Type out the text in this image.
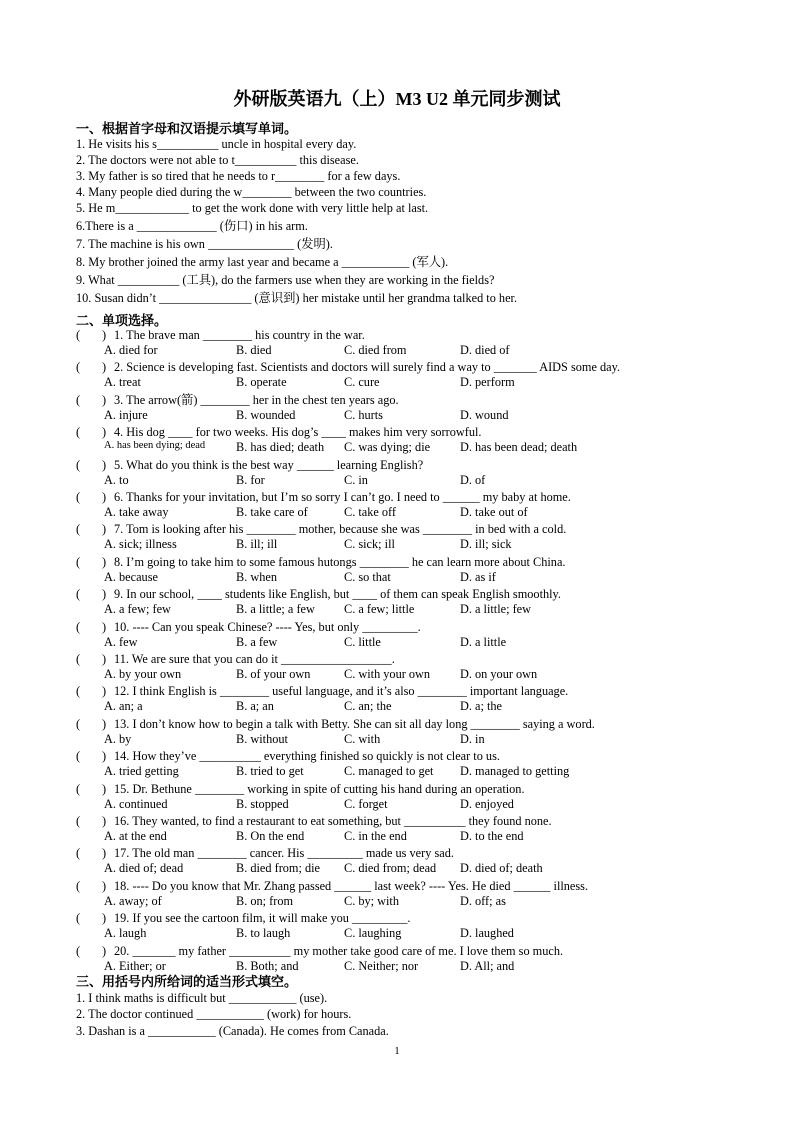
外研版英语九（上）M3 U2 单元同步测试
一、根据首字母和汉语提示填写单词。
1. He visits his s__________ uncle in hospital every day.
2. The doctors were not able to t__________ this disease.
3. My father is so tired that he needs to r________ for a few days.
4. Many people died during the w________ between the two countries.
5. He m____________ to get the work done with very little help at last.
6.There is a _____________ (伤口) in his arm.
7. The machine is his own ______________ (发明).
8. My brother joined the army last year and became a ___________ (军人).
9. What __________ (工具), do the farmers use when they are working in the fields?
10. Susan didn’t _______________ (意识到) her mistake until her grandma talked to her.
二、单项选择。
( ) 1. The brave man ________ his country in the war.
A. died for	B. died	C. died from	D. died of
( ) 2. Science is developing fast. Scientists and doctors will surely find a way to _______ AIDS some day.
A. treat	B. operate	C. cure	D. perform
( ) 3. The arrow(箭) ________ her in the chest ten years ago.
A. injure	B. wounded	C. hurts	D. wound
( ) 4. His dog ____ for two weeks. His dog’s ____ makes him very sorrowful.
A. has been dying; dead	B. has died; death C. was dying; die D. has been dead; death
( ) 5. What do you think is the best way ______ learning English?
A. to	B. for	C. in	D. of
( ) 6. Thanks for your invitation, but I’m so sorry I can’t go. I need to ______ my baby at home.
A. take away	B. take care of	C. take off	D. take out of
( ) 7. Tom is looking after his ________ mother, because she was ________ in bed with a cold.
A. sick; illness	B. ill; ill	C. sick; ill	D. ill; sick
( ) 8. I’m going to take him to some famous hutongs ________ he can learn more about China.
A. because	B. when	C. so that	D. as if
( ) 9. In our school, ____ students like English, but ____ of them can speak English smoothly.
A. a few; few	B. a little; a few C. a few; little	D. a little; few
( ) 10. ---- Can you speak Chinese? ---- Yes, but only _________.
A. few	B. a few	C. little	D. a little
( ) 11. We are sure that you can do it __________________.
A. by your own	B. of your own	C. with your own D. on your own
( ) 12. I think English is ________ useful language, and it’s also ________ important language.
A. an; a	B. a; an	C. an; the	D. a; the
( ) 13. I don’t know how to begin a talk with Betty. She can sit all day long ________ saying a word.
A. by	B. without	C. with	D. in
( ) 14. How they’ve __________ everything finished so quickly is not clear to us.
A. tried getting	B. tried to get	C. managed to get D. managed to getting
( ) 15. Dr. Bethune ________ working in spite of cutting his hand during an operation.
A. continued	B. stopped	C. forget	D. enjoyed
( ) 16. They wanted, to find a restaurant to eat something, but __________ they found none.
A. at the end	B. On the end	C. in the end	D. to the end
( ) 17. The old man ________ cancer. His _________ made us very sad.
A. died of; dead	B. died from; die C. died from; dead D. died of; death
( ) 18. ---- Do you know that Mr. Zhang passed ______ last week? ---- Yes. He died ______ illness.
A. away; of	B. on; from	C. by; with	D. off; as
( ) 19. If you see the cartoon film, it will make you _________.
A. laugh	B. to laugh	C. laughing	D. laughed
( ) 20. _______ my father __________ my mother take good care of me. I love them so much.
A. Either; or	B. Both; and	C. Neither; nor	D. All; and
三、用括号内所给词的适当形式填空。
1. I think maths is difficult but ___________ (use).
2. The doctor continued ___________ (work) for hours.
3. Dashan is a ___________ (Canada). He comes from Canada.
1
